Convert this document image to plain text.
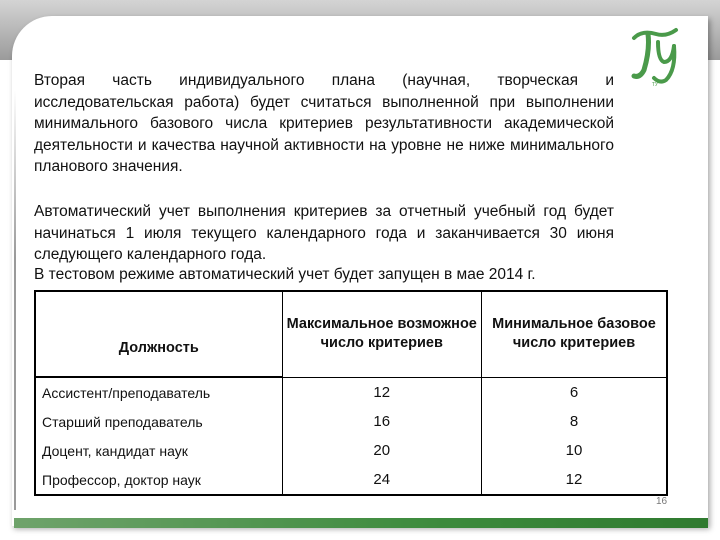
ТУ

Вторая часть индивидуального плана (научная, творческая и исследовательская работа) будет считаться выполненной при выполнении минимального базового числа критериев результативности академической деятельности и качества научной активности на уровне не ниже минимального планового значения.

Автоматический учет выполнения критериев за отчетный учебный год будет начинаться 1 июля текущего календарного года и заканчивается 30 июня следующего календарного года.

В тестовом режиме автоматический учет будет запущен в мае 2014 г.

Должность	Максимальное возможное число критериев	Минимальное базовое число критериев
Ассистент/преподаватель	12	6
Старший преподаватель	16	8
Доцент, кандидат наук	20	10
Профессор, доктор наук	24	12
16
